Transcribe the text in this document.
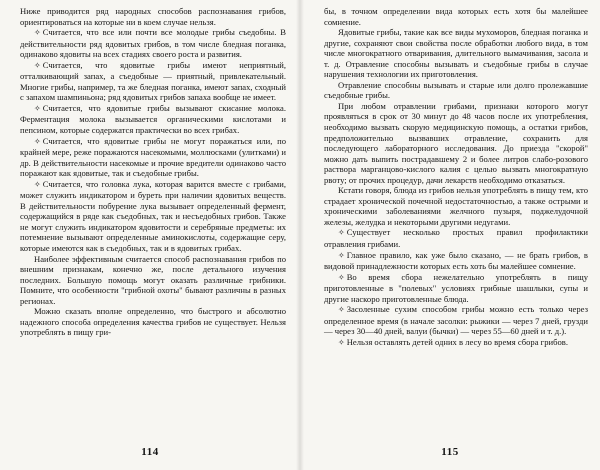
Ниже приводится ряд народных способов распознавания грибов, ориентироваться на которые ни в коем случае нельзя.

✧ Считается, что все или почти все молодые грибы съедобны. В действительности ряд ядовитых грибов, в том числе бледная поганка, одинаково ядовиты на всех стадиях своего роста и развития.

✧ Считается, что ядовитые грибы имеют неприятный, отталкивающий запах, а съедобные — приятный, привлекательный. Многие грибы, например, та же бледная поганка, имеют запах, сходный с запахом шампиньона; ряд ядовитых грибов запаха вообще не имеет.

✧ Считается, что ядовитые грибы вызывают скисание молока. Ферментация молока вызывается органическими кислотами и пепсином, которые содержатся практически во всех грибах.

✧ Считается, что ядовитые грибы не могут поражаться или, по крайней мере, реже поражаются насекомыми, моллюсками (улитками) и др. В действительности насекомые и прочие вредители одинаково часто поражают как ядовитые, так и съедобные грибы.

✧ Считается, что головка лука, которая варится вместе с грибами, может служить индикатором и буреть при наличии ядовитых веществ. В действительности побурение лука вызывает определенный фермент, содержащийся в ряде как съедобных, так и несъедобных грибов. Также не могут служить индикатором ядовитости и серебряные предметы: их потемнение вызывают определенные аминокислоты, содержащие серу, которые имеются как в съедобных, так и в ядовитых грибах.

Наиболее эффективным считается способ распознавания грибов по внешним признакам, конечно же, после детального изучения последних. Большую помощь могут оказать различные грибники. Помните, что особенности "грибной охоты" бывают различны в разных регионах.

Можно сказать вполне определенно, что быстрого и абсолютно надежного способа определения качества грибов не существует. Нельзя употреблять в пищу гри-

114

бы, в точном определении вида которых есть хотя бы малейшее сомнение.

Ядовитые грибы, такие как все виды мухоморов, бледная поганка и другие, сохраняют свои свойства после обработки любого вида, в том числе многократного отваривания, длительного вымачивания, засола и т. д. Отравление способны вызывать и съедобные грибы в случае нарушения технологии их приготовления.

Отравление способны вызывать и старые или долго пролежавшие съедобные грибы.

При любом отравлении грибами, признаки которого могут проявляться в срок от 30 минут до 48 часов после их употребления, необходимо вызвать скорую медицинскую помощь, а остатки грибов, предположительно вызвавших отравление, сохранить для последующего лабораторного исследования. До приезда "скорой" можно дать выпить пострадавшему 2 и более литров слабо-розового раствора марганцово-кислого калия с целью вызвать многократную рвоту; от прочих процедур, дачи лекарств необходимо отказаться.

Кстати говоря, блюда из грибов нельзя употреблять в пищу тем, кто страдает хронической почечной недостаточностью, а также острыми и хроническими заболеваниями желчного пузыря, поджелудочной железы, желудка и некоторыми другими недугами.

✧ Существует несколько простых правил профилактики отравления грибами.

✧ Главное правило, как уже было сказано, — не брать грибов, в видовой принадлежности которых есть хоть бы малейшее сомнение.

✧ Во время сбора нежелательно употреблять в пищу приготовленные в "полевых" условиях грибные шашлыки, супы и другие наскоро приготовленные блюда.

✧ Засоленные сухим способом грибы можно есть только через определенное время (в начале засолки: рыжики — через 7 дней, грузди — через 30—40 дней, валуи (бычки) — через 55—60 дней и т. д.).

✧ Нельзя оставлять детей одних в лесу во время сбора грибов.

115
